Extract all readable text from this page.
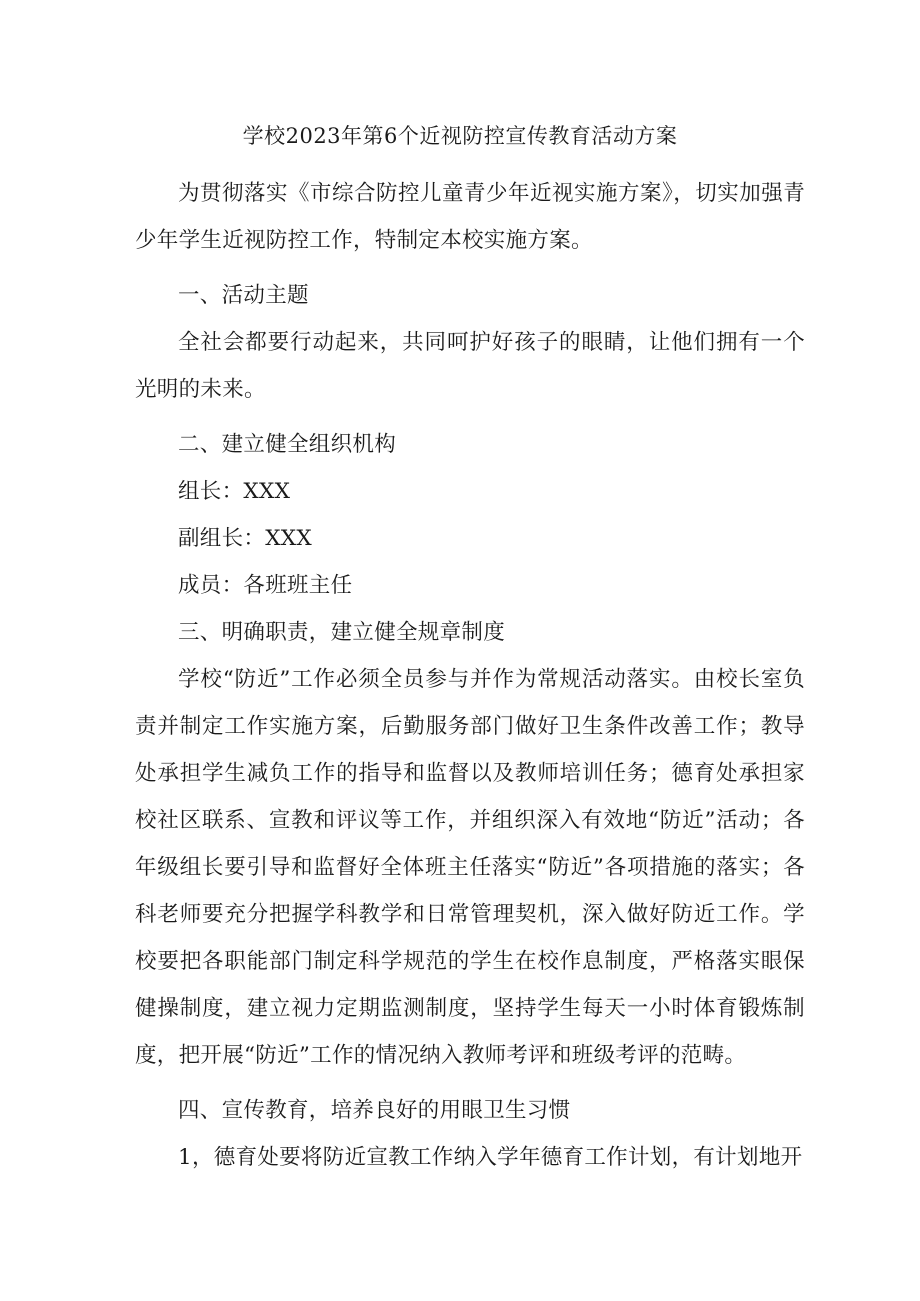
学校2023年第6个近视防控宣传教育活动方案

为贯彻落实《市综合防控儿童青少年近视实施方案》，切实加强青少年学生近视防控工作，特制定本校实施方案。

一、活动主题

全社会都要行动起来，共同呵护好孩子的眼睛，让他们拥有一个光明的未来。

二、建立健全组织机构

组长：XXX

副组长：XXX

成员：各班班主任

三、明确职责，建立健全规章制度

学校“防近”工作必须全员参与并作为常规活动落实。由校长室负责并制定工作实施方案，后勤服务部门做好卫生条件改善工作；教导处承担学生减负工作的指导和监督以及教师培训任务；德育处承担家校社区联系、宣教和评议等工作，并组织深入有效地“防近”活动；各年级组长要引导和监督好全体班主任落实“防近”各项措施的落实；各科老师要充分把握学科教学和日常管理契机，深入做好防近工作。学校要把各职能部门制定科学规范的学生在校作息制度，严格落实眼保健操制度，建立视力定期监测制度，坚持学生每天一小时体育锻炼制度，把开展“防近”工作的情况纳入教师考评和班级考评的范畴。

四、宣传教育，培养良好的用眼卫生习惯

1，德育处要将防近宣教工作纳入学年德育工作计划，有计划地开
